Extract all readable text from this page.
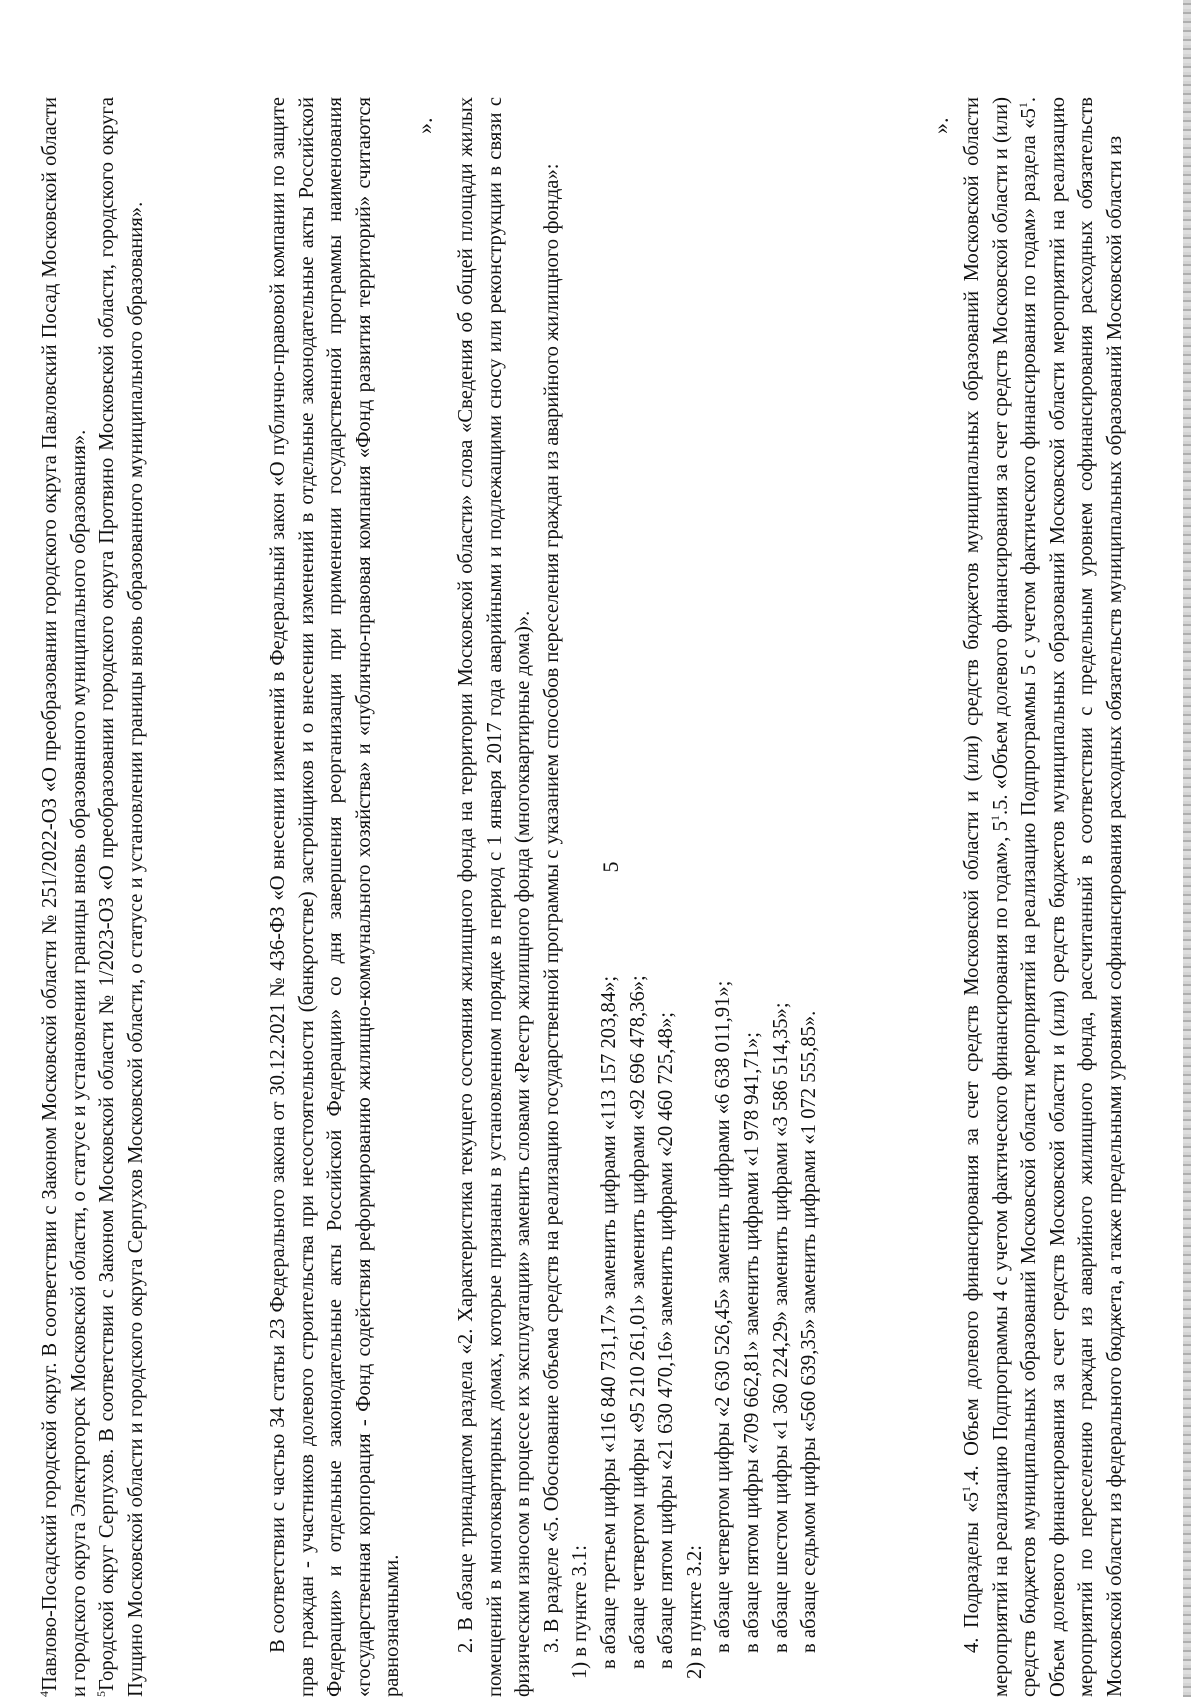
5

$^4$Павлово-Посадский городской округ. В соответствии с Законом Московской области № 251/2022-ОЗ «О преобразовании городского округа Павловский Посад Московской области и городского округа Электрогорск Московской области, о статусе и установлении границы вновь образованного муниципального образования». $^5$Городской округ Серпухов. В соответствии с Законом Московской области № 1/2023-ОЗ «О преобразовании городского округа Протвино Московской области, городского округа Пущино Московской области и городского округа Серпухов Московской области, о статусе и установлении границы вновь образованного муниципального образования».	В соответствии с частью 34 статьи 23 Федерального закона от 30.12.2021 № 436-ФЗ «О внесении изменений в Федеральный закон «О публично-правовой компании по защите прав граждан - участников долевого строительства при несостоятельности (банкротстве) застройщиков и о внесении изменений в отдельные законодательные акты Российской Федерации» и отдельные законодательные акты Российской Федерации» со дня завершения реорганизации при применении государственной программы наименования «государственная корпорация - Фонд содействия реформированию жилищно-коммунального хозяйства» и «публично-правовая компания «Фонд развития территорий» считаются равнозначными.

». 2. В абзаце тринадцатом раздела «2. Характеристика текущего состояния жилищного фонда на территории Московской области» слова «Сведения об общей площади жилых помещений в многоквартирных домах, которые признаны в установленном порядке в период с 1 января 2017 года аварийными и подлежащими сносу или реконструкции в связи с физическим износом в процессе их эксплуатации» заменить словами «Реестр жилищного фонда (многоквартирные дома)». 3. В разделе «5. Обоснование объема средств на реализацию государственной программы с указанием способов переселения граждан из аварийного жилищного фонда»: 1) в пункте 3.1: в абзаце третьем цифры «116 840 731,17» заменить цифрами «113 157 203,84»; в абзаце четвертом цифры «95 210 261,01» заменить цифрами «92 696 478,36»; в абзаце пятом цифры «21 630 470,16» заменить цифрами «20 460 725,48»; 2) в пункте 3.2: в абзаце четвертом цифры «2 630 526,45» заменить цифрами «6 638 011,91»; в абзаце пятом цифры «709 662,81» заменить цифрами «1 978 941,71»; в абзаце шестом цифры «1 360 224,29» заменить цифрами «3 586 514,35»; в абзаце седьмом цифры «560 639,35» заменить цифрами «1 072 555,85».

».

4. Подразделы «$5^1.4$. Объем долевого финансирования за счет средств Московской области и (или) средств бюджетов муниципальных образований Московской области мероприятий на реализацию Подпрограммы 4 с учетом фактического финансирования по годам», $5^1.5$. «Объем долевого финансирования за счет средств Московской области и (или) средств бюджетов муниципальных образований Московской области мероприятий на реализацию Подпрограммы 5 с учетом фактического финансирования по годам» раздела «$5^1$. Объем долевого финансирования за счет средств Московской области и (или) средств бюджетов муниципальных образований Московской области мероприятий на реализацию мероприятий по переселению граждан из аварийного жилищного фонда, рассчитанный в соответствии с предельным уровнем софинансирования расходных обязательств Московской области из федерального бюджета, а также предельными уровнями софинансирования расходных обязательств муниципальных образований Московской области из
